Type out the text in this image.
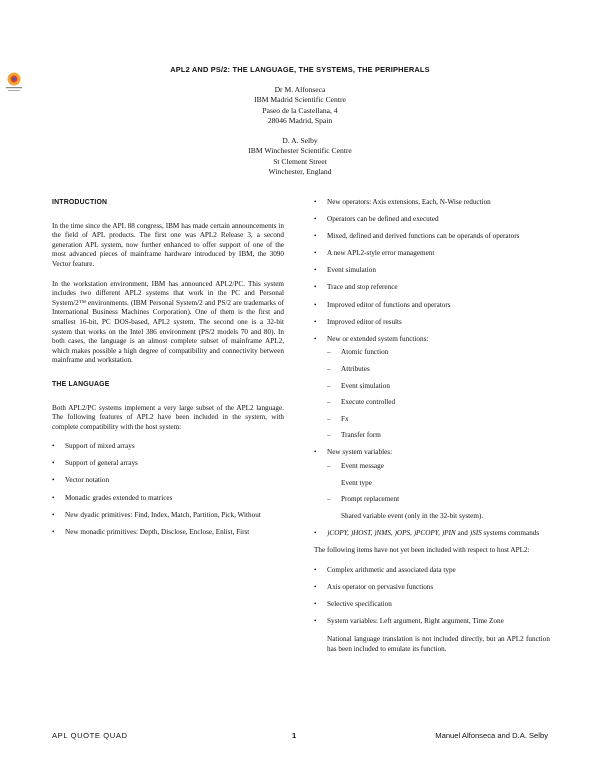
APL2 AND PS/2: THE LANGUAGE, THE SYSTEMS, THE PERIPHERALS
Dr M. Alfonseca
IBM Madrid Scientific Centre
Paseo de la Castellana, 4
28046 Madrid, Spain
D. A. Selby
IBM Winchester Scientific Centre
St Clement Street
Winchester, England
INTRODUCTION

In the time since the APL 88 congress, IBM has made certain announcements in the field of APL products. The first one was APL2 Release 3, a second generation APL system, now further enhanced to offer support of one of the most advanced pieces of mainframe hardware introduced by IBM, the 3090 Vector feature.

In the workstation environment, IBM has announced APL2/PC. This system includes two different APL2 systems that work in the PC and Personal System/2™ environments. (IBM Personal System/2 and PS/2 are trademarks of International Business Machines Corporation). One of them is the first and smallest 16-bit, PC DOS-based, APL2 system. The second one is a 32-bit system that works on the Intel 386 environment (PS/2 models 70 and 80). In both cases, the language is an almost complete subset of mainframe APL2, which makes possible a high degree of compatibility and connectivity between mainframe and workstation.

THE LANGUAGE

Both APL2/PC systems implement a very large subset of the APL2 language. The following features of APL2 have been included in the system, with complete compatibility with the host system:

• Support of mixed arrays
• Support of general arrays
• Vector notation
• Monadic grades extended to matrices
• New dyadic primitives: Find, Index, Match, Partition, Pick, Without
• New monadic primitives: Depth, Disclose, Enclose, Enlist, First
• New operators: Axis extensions, Each, N-Wise reduction
• Operators can be defined and executed
• Mixed, defined and derived functions can be operands of operators
• A new APL2-style error management
• Event simulation
• Trace and stop reference
• Improved editor of functions and operators
• Improved editor of results
• New or extended system functions:
– Atomic function
– Attributes
– Event simulation
– Execute controlled
– Fx
– Transfer form
• New system variables:
– Event message
Event type
– Prompt replacement
Shared variable event (only in the 32-bit system).
• )COPY, )HOST, )NMS, )OPS, )PCOPY, )PIN and )SIS systems commands

The following items have not yet been included with respect to host APL2:

• Complex arithmetic and associated data type
• Axis operator on pervasive functions
• Selective specification
• System variables: Left argument, Right argument, Time Zone

National language translation is not included directly, but an APL2 function has been included to emulate its function.

APL QUOTE QUAD	1	Manuel Alfonseca and D.A. Selby
